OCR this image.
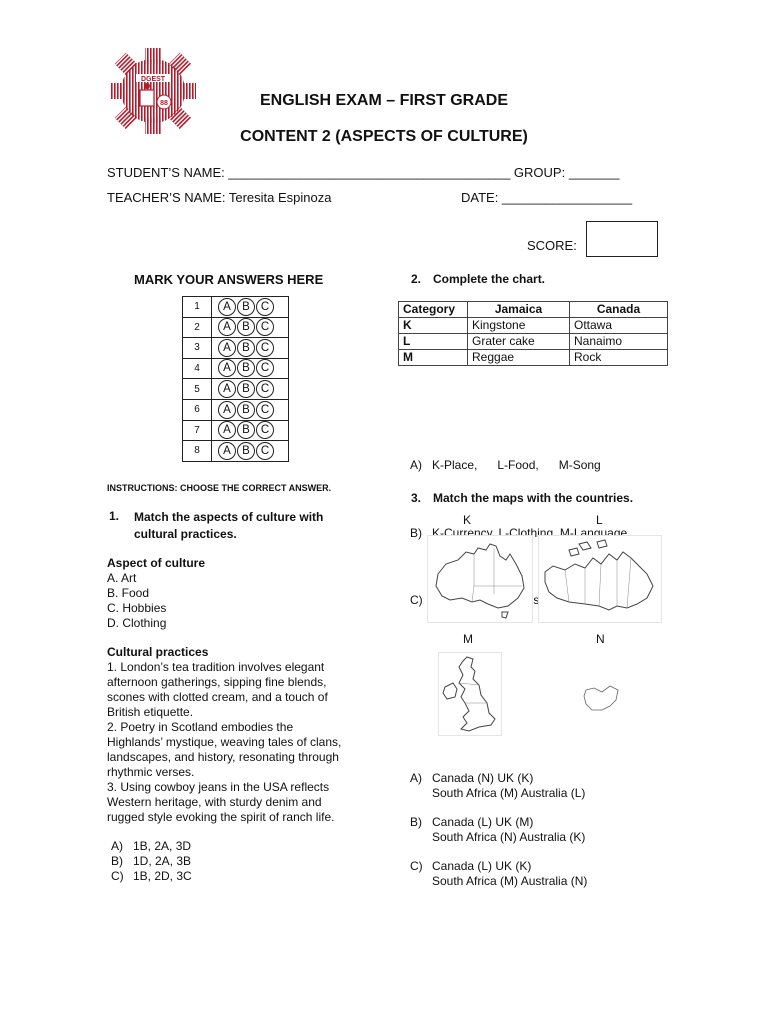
DGEST
88	ENGLISH EXAM – FIRST GRADE
CONTENT 2 (ASPECTS OF CULTURE)
STUDENT’S NAME: _______________________________________ GROUP: _______
TEACHER’S NAME: Teresita Espinoza	DATE: __________________
SCORE:
MARK YOUR ANSWERS HERE
1	A B C
2	A B C
3	A B C
4	A B C
5	A B C
6	A B C
7	A B C
8	A B C
INSTRUCTIONS: CHOOSE THE CORRECT ANSWER.
1. Match the aspects of culture with
cultural practices.
Aspect of culture
A. Art
B. Food
C. Hobbies
D. Clothing
Cultural practices
1. London’s tea tradition involves elegant
afternoon gatherings, sipping fine blends,
scones with clotted cream, and a touch of
British etiquette.
2. Poetry in Scotland embodies the
Highlands’ mystique, weaving tales of clans,
landscapes, and history, resonating through
rhythmic verses.
3. Using cowboy jeans in the USA reflects
Western heritage, with sturdy denim and
rugged style evoking the spirit of ranch life.
A) 1B, 2A, 3D
B) 1D, 2A, 3B
C) 1B, 2D, 3C
2. Complete the chart.
Category	Jamaica	Canada
K	Kingstone	Ottawa
L	Grater cake	Nanaimo
M	Reggae	Rock

A) K-Place,      L-Food,      M-Song

B) K-Currency, L-Clothing, M-Language

C) K-Capital M, L-Dessert, M-Music

3. Match the maps with the countries.
K	L
M	N
A) Canada (N) UK (K)
South Africa (M) Australia (L)
B) Canada (L) UK (M)
South Africa (N) Australia (K)
C) Canada (L) UK (K)
South Africa (M) Australia (N)
